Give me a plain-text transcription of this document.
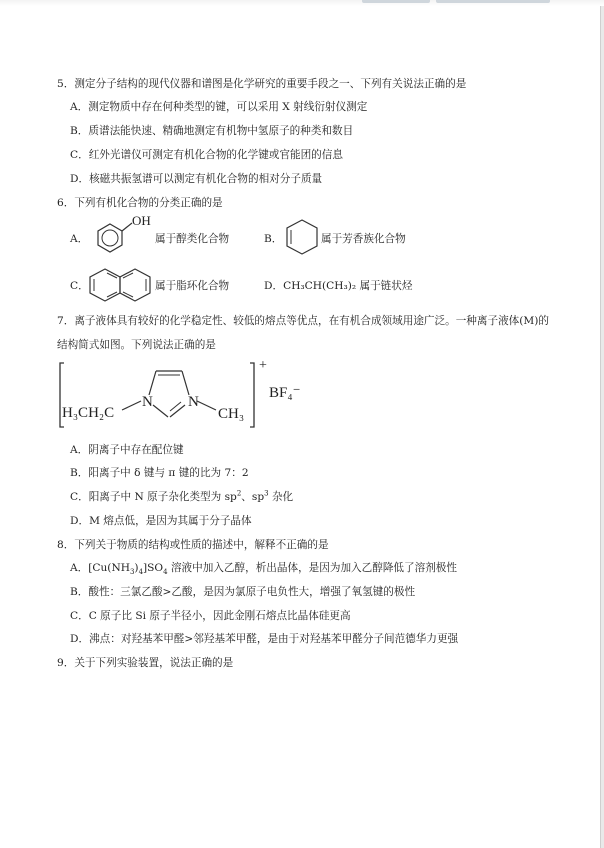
5．测定分子结构的现代仪器和谱图是化学研究的重要手段之一、下列有关说法正确的是
A．测定物质中存在何种类型的键，可以采用 X 射线衍射仪测定
B．质谱法能快速、精确地测定有机物中氢原子的种类和数目
C．红外光谱仪可测定有机化合物的化学键或官能团的信息
D．核磁共振氢谱可以测定有机化合物的相对分子质量
6．下列有机化合物的分类正确的是
A．
OH
属于醇类化合物	B．	属于芳香族化合物
C．	属于脂环化合物	D．CH₃CH(CH₃)₂ 属于链状烃
7．离子液体具有较好的化学稳定性、较低的熔点等优点，在有机合成领域用途广泛。一种离子液体(M)的
结构简式如图。下列说法正确的是
H₃CH₂C
N N
CH₃
+
BF₄⁻
A．阴离子中存在配位键
B．阳离子中 δ 键与 π 键的比为 7：2
C．阳离子中 N 原子杂化类型为 $sp^2$、$sp^3$ 杂化
D．M 熔点低，是因为其属于分子晶体
8．下列关于物质的结构或性质的描述中，解释不正确的是
A．$[Cu(NH_3)_4]SO_4$ 溶液中加入乙醇，析出晶体，是因为加入乙醇降低了溶剂极性
B．酸性：三氯乙酸>乙酸，是因为氯原子电负性大，增强了氧氢键的极性
C．C 原子比 Si 原子半径小，因此金刚石熔点比晶体硅更高
D．沸点：对羟基苯甲醛>邻羟基苯甲醛，是由于对羟基苯甲醛分子间范德华力更强
9．关于下列实验装置，说法正确的是
